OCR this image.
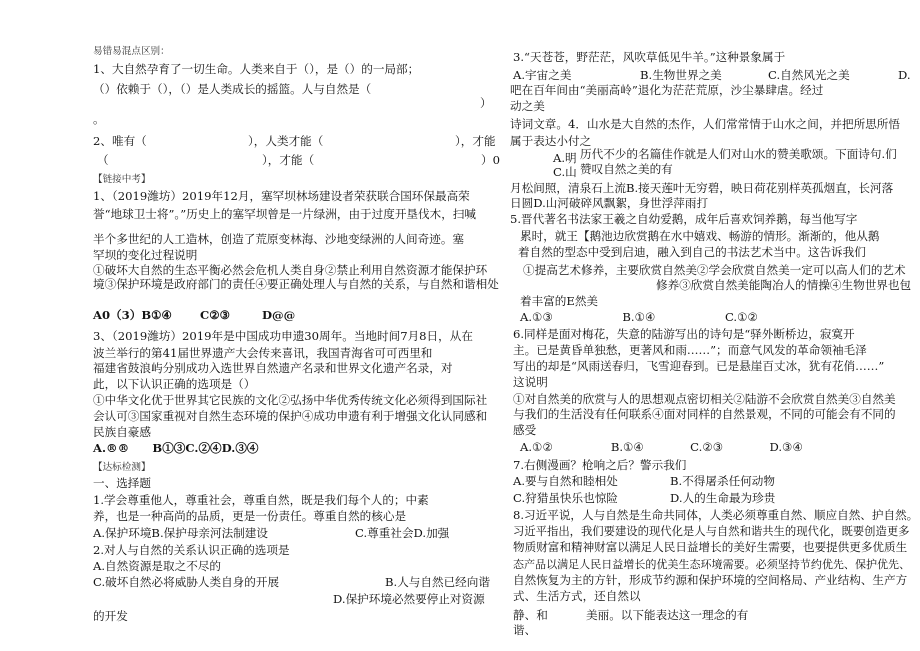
易错易混点区别：
1、大自然孕育了一切生命。人类来自于（），是（）的一局部；
（）依赖于（），（）是人类成长的摇篮。人与自然是（
）
。
2、唯有（	），人类才能（	），才能
（	），才能（	）0
【链接中考】
1、（2019潍坊）2019年12月，塞罕坝林场建设者荣获联合国环保最高荣
誉“地球卫士将”。”历史上的塞罕坝曾是一片绿洲，由于过度开垦伐木，扫喊
半个多世纪的人工造林，创造了荒原变林海、沙地变绿洲的人间奇迹。塞
罕坝的变化过程说明
①破坏大自然的生态平衡必然会危机人类自身②禁止利用自然资源才能保护环
境③保护环境是政府部门的责任④要正确处理人与自然的关系，与自然和谐相处
A0（3）B①④ C②③	D@@
3、（2019潍坊）2019年是中国成功申遗30周年。当地时间7月8日，从在
波兰举行的第41届世界遗产大会传来喜讯，我国青海省可可西里和
福建省鼓浪屿分别成功入选世界自然遗产名录和世界文化遗产名录，对
此，以下认识正确的选项是（）
①中华文化优于世界其它民族的文化②弘扬中华优秀传统文化必须得到国际社
会认可③国家重视对自然生态环境的保护④成功申遗有利于增强文化认同感和
民族自豪感
A.®®　　B①③C.②④D.③④
【达标检测】
一、选择题
1.学会尊重他人，尊重社会，尊重自然，既是我们每个人的；中素
养，也是一种高尚的品质，更是一份责任。尊重自然的核心是
A.保护环境B.保护母亲河法制建设	C.尊重社会D.加强
2.对人与自然的关系认识正确的选项是
A.自然资源是取之不尽的
C.破坏自然必将威胁人类自身的开展	B.人与自然已经向谐
D.保护环境必然要停止对资源
的开发
3.“天苍苍，野茫茫，风吹草低见牛羊。”这种景象属于
A.宇宙之美	B.生物世界之美	C.自然风光之美	D.
吧在百年间由“美丽高岭”退化为茫茫荒原，沙尘暴肆虐。经过
动之美
诗词文章。4．山水是大自然的杰作，人们常常情于山水之间，并把所思所悟
属于表达小付之
A.明 历代不少的名篇佳作就是人们对山水的赞美歌颂。下面诗句.们
C.山 赞叹自然之美的有
月松间照，清泉石上流B.接天莲叶无穷碧，映日荷花别样英孤烟直，长河落
日圆D.山河破碎风飘絮，身世浮萍雨打
5.晋代著名书法家王羲之自幼爱鹅，成年后喜欢饲养鹅，每当他写字
累时，就王【鹅池边欣赏鹅在水中嬉戏、畅游的情形。渐渐的，他从鹅
着自然的型态中受到启迪，融入到自己的书法艺术当中。这告诉我们
①提高艺术修养，主要欣赏自然美②学会欣赏自然美一定可以高人们的艺术
修养③欣赏自然美能陶冶人的情操④生物世界也包
着丰富的E然美
A.①③　　　　　　B.①④　　　　　　C.①②
6.同样是面对梅花，失意的陆游写出的诗句是“驿外断桥边，寂寞开
主。已是黄昏单独愁，更著风和雨……”；而意气风发的革命领袖毛泽
写出的却是“风雨送春归，飞雪迎春到。已是悬崖百丈冰，犹有花俏……”
这说明
①对自然美的欣赏与人的思想观点密切相关②陆游不会欣赏自然美③自然美
与我们的生活没有任何联系④面对同样的自然景观，不同的可能会有不同的
感受
A.①②　　　　　B.①④　　　　C.②③　　　　D.③④
7.右侧漫画？枪响之后？警示我们
A.要与自然和睦相处	B.不得屠杀任何动物
C.狩猎虽快乐也惊险	D.人的生命最为珍贵
8.习近平说，人与自然是生命共同体，人类必须尊重自然、顺应自然、护自然。
习近平指出，我们要建设的现代化是人与自然和谐共生的现代化，既要创造更多
物质财富和精神财富以满足人民日益增长的美好生需要，也要提供更多优质生
态产品以满足人民日益增长的优美生态环境需要。必须坚持节约优先、保护优先、
自然恢复为主的方针，形成节约源和保护环境的空间格局、产业结构、生产方
式、生活方式，还自然以
静、和	美丽。以下能表达这一理念的有
谐、
